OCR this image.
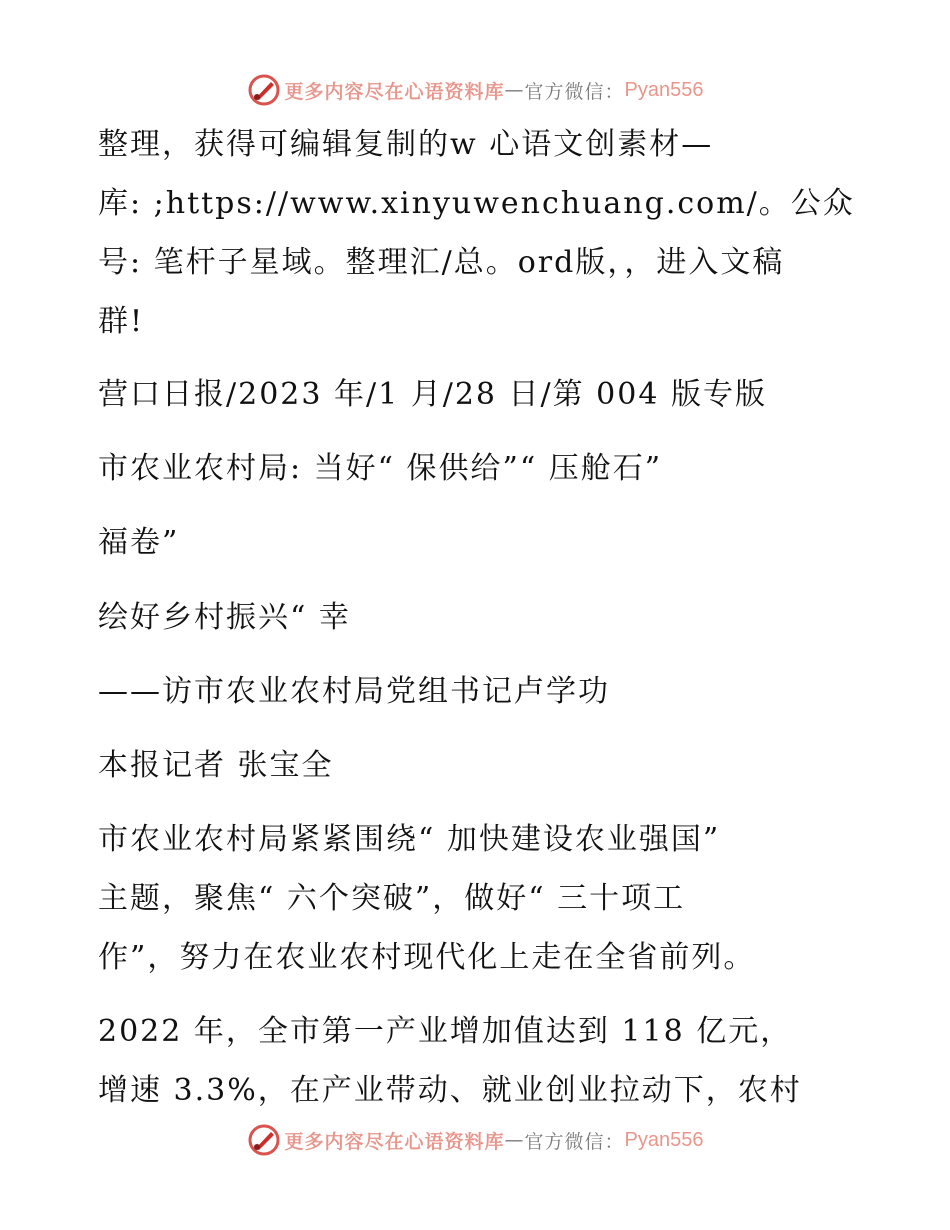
更多内容尽在心语资料库 — 官方微信： Pyan556
整理，获得可编辑复制的w 心语文创素材—
库: ;https://www.xinyuwenchuang.com/。公众
号: 笔杆子星域。整理汇/总。ord版，，进入文稿
群!
营口日报/2023 年/1 月/28 日/第 004 版专版
市农业农村局: 当好“ 保供给”“ 压舱石”
福卷”
绘好乡村振兴“ 幸
——访市农业农村局党组书记卢学功
本报记者 张宝全
市农业农村局紧紧围绕“ 加快建设农业强国”
主题，聚焦“ 六个突破”，做好“ 三十项工
作”，努力在农业农村现代化上走在全省前列。
2022 年，全市第一产业增加值达到 118 亿元，
增速 3.3%，在产业带动、就业创业拉动下，农村
更多内容尽在心语资料库 — 官方微信： Pyan556
